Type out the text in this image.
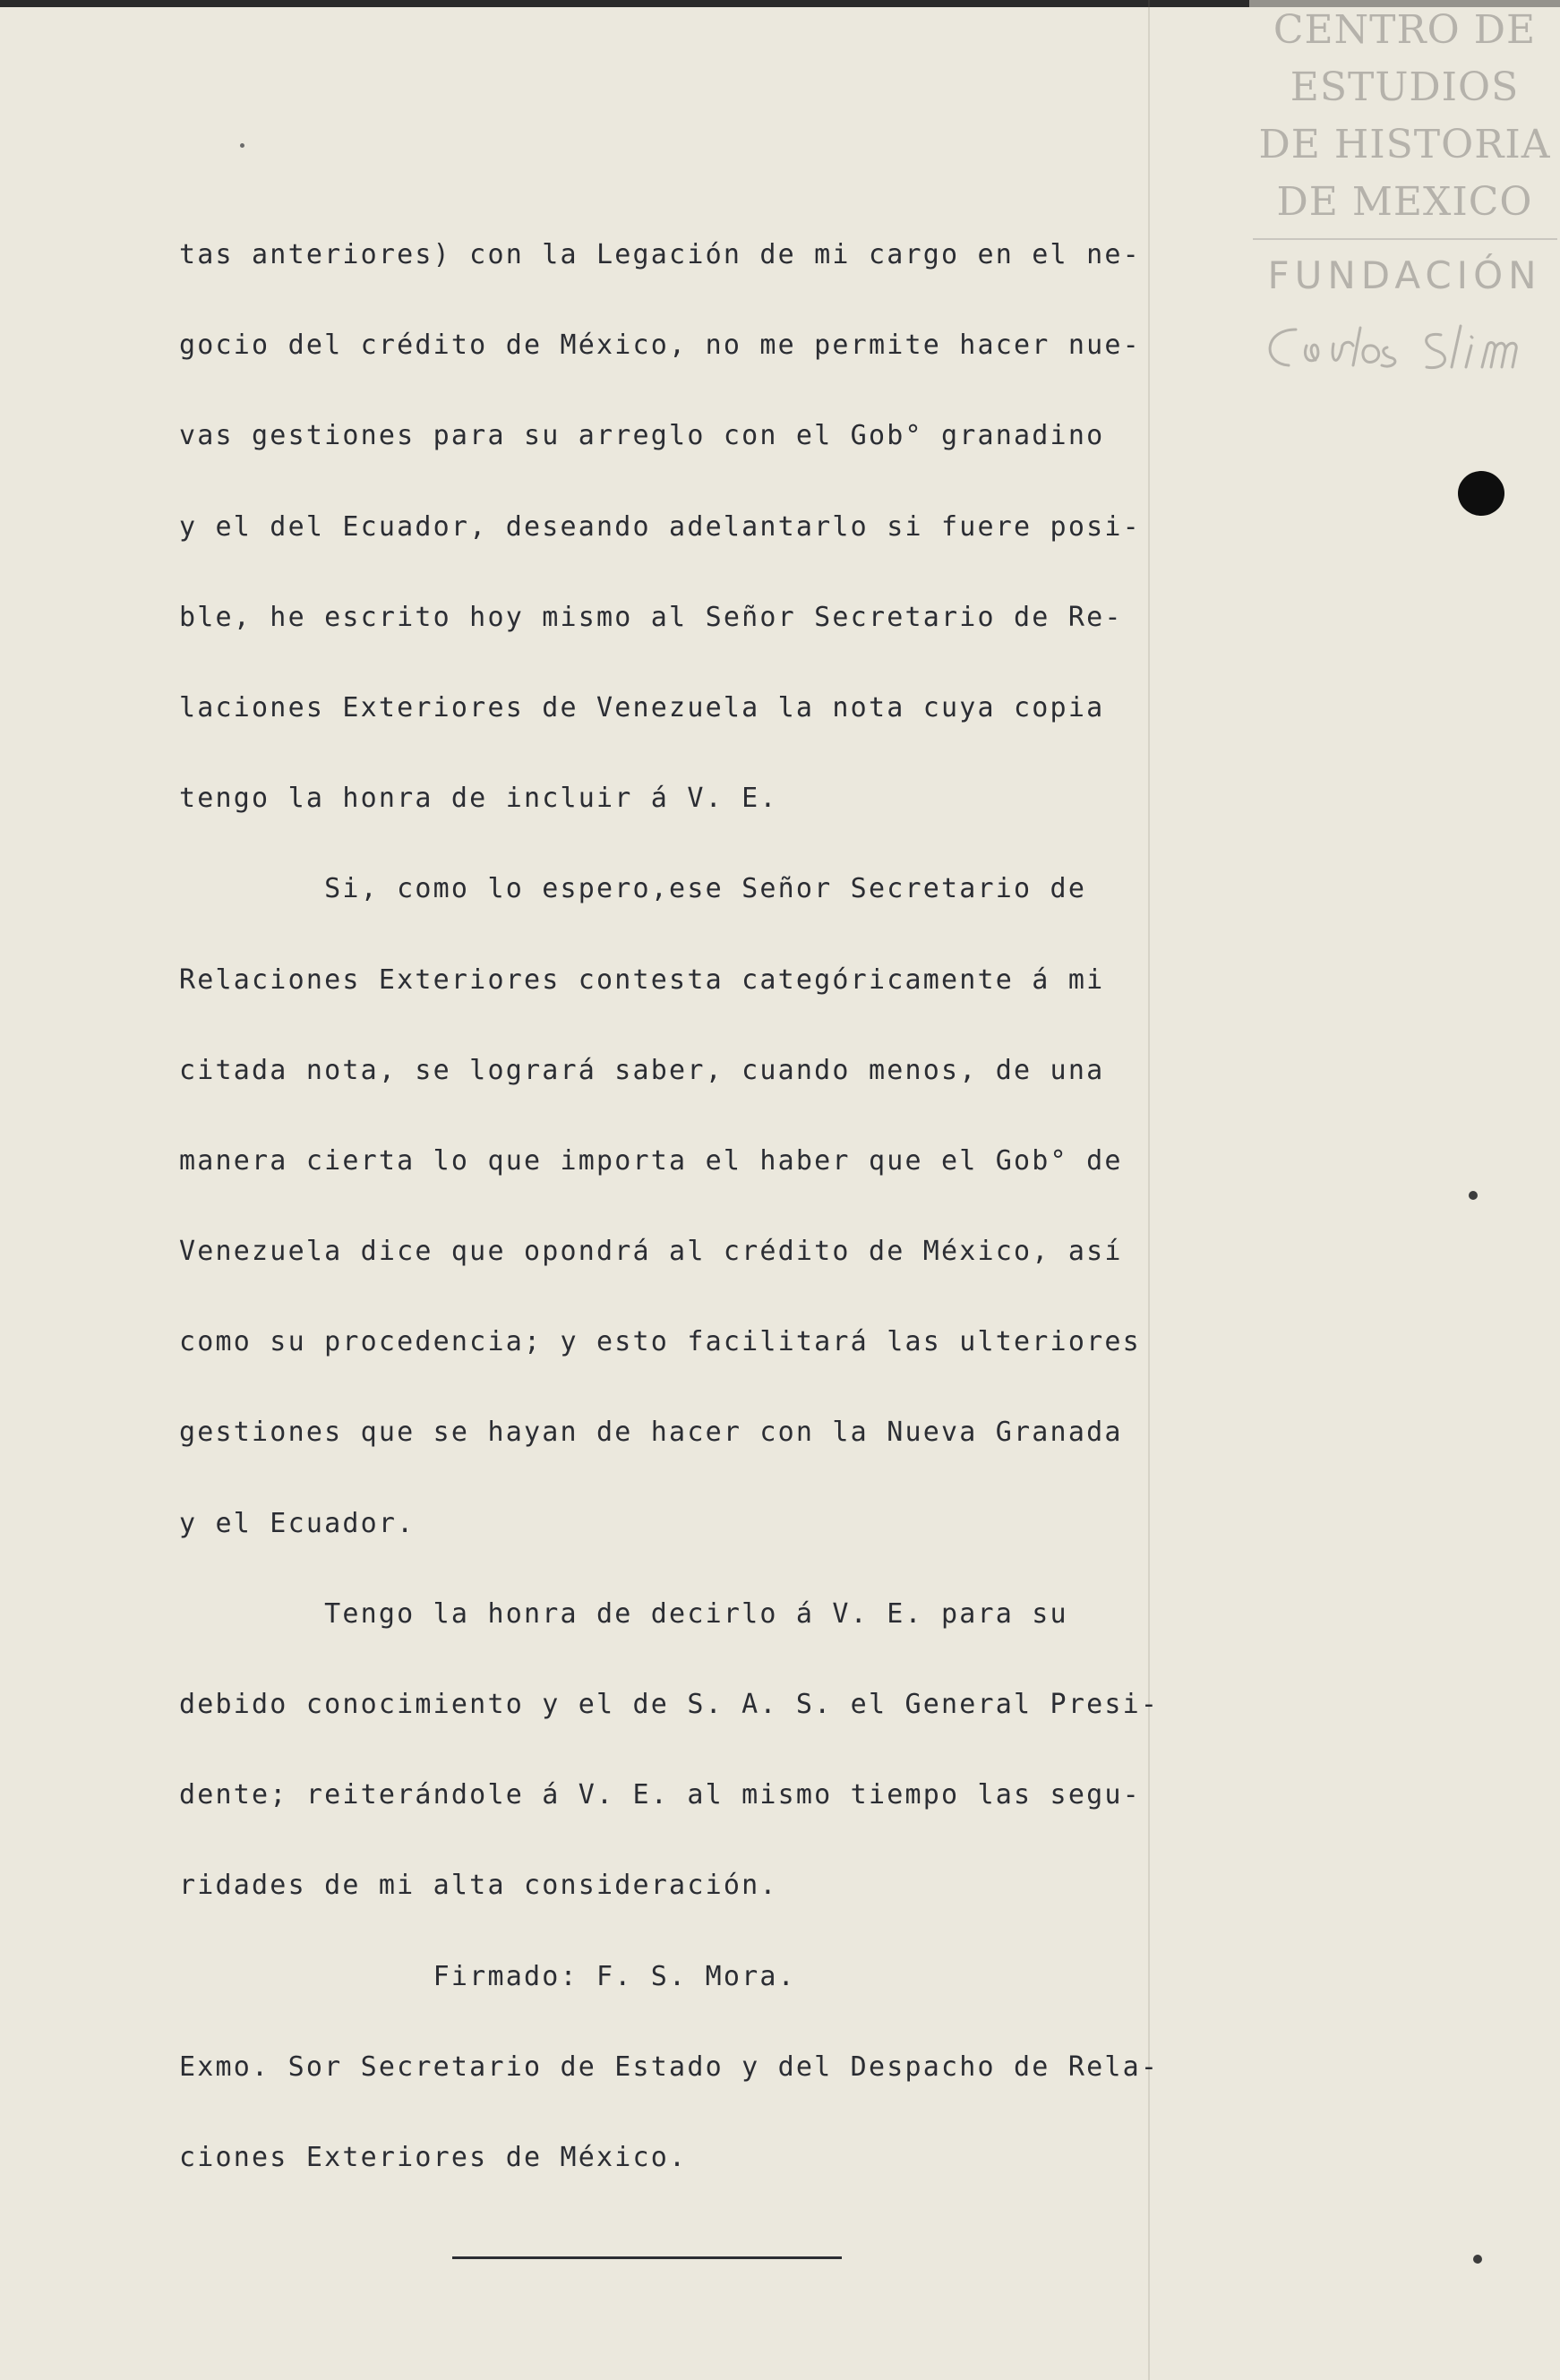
CENTRO DE
ESTUDIOS
DE HISTORIA
DE MEXICO
FUNDACIÓN
tas anteriores) con la Legación de mi cargo en el ne-
gocio del crédito de México, no me permite hacer nue-
vas gestiones para su arreglo con el Gob° granadino
y el del Ecuador, deseando adelantarlo si fuere posi-
ble, he escrito hoy mismo al Señor Secretario de Re-
laciones Exteriores de Venezuela la nota cuya copia
tengo la honra de incluir á V. E.
Si, como lo espero,ese Señor Secretario de
Relaciones Exteriores contesta categóricamente á mi
citada nota, se logrará saber, cuando menos, de una
manera cierta lo que importa el haber que el Gob° de
Venezuela dice que opondrá al crédito de México, así
como su procedencia; y esto facilitará las ulteriores
gestiones que se hayan de hacer con la Nueva Granada
y el Ecuador.
Tengo la honra de decirlo á V. E. para su
debido conocimiento y el de S. A. S. el General Presi-
dente; reiterándole á V. E. al mismo tiempo las segu-
ridades de mi alta consideración.
Firmado: F. S. Mora.
Exmo. Sor Secretario de Estado y del Despacho de Rela-
ciones Exteriores de México.
